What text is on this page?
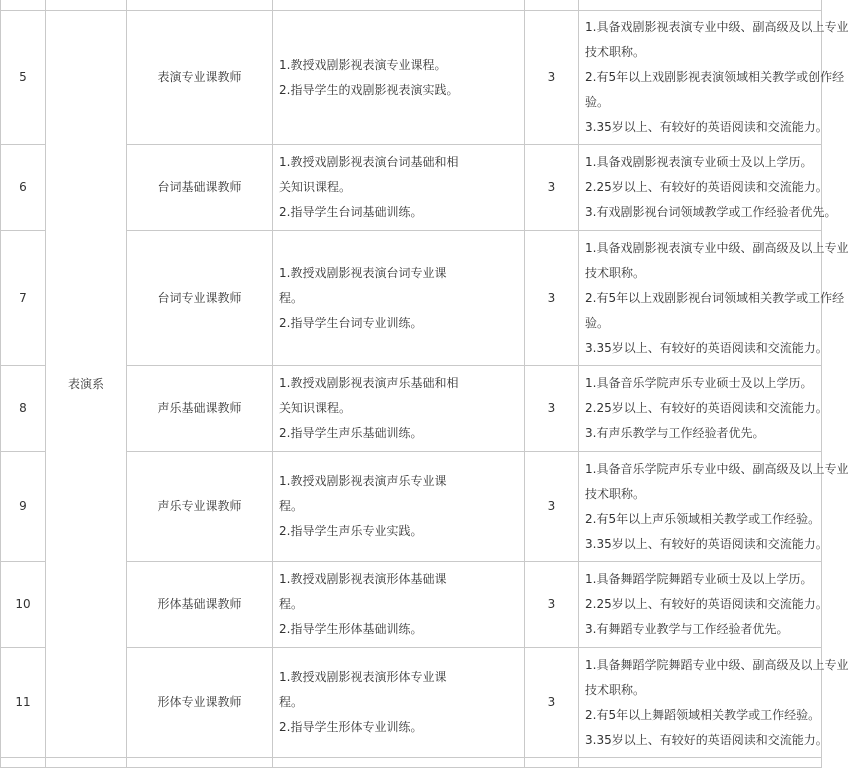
5	表演系	表演专业课教师	1.教授戏剧影视表演专业课程。
2.指导学生的戏剧影视表演实践。	3	1.具备戏剧影视表演专业中级、副高级及以上专业
技术职称。
2.有5年以上戏剧影视表演领域相关教学或创作经
验。
3.35岁以上、有较好的英语阅读和交流能力。

6		台词基础课教师	1.教授戏剧影视表演台词基础和相
关知识课程。
2.指导学生台词基础训练。	3	1.具备戏剧影视表演专业硕士及以上学历。
2.25岁以上、有较好的英语阅读和交流能力。
3.有戏剧影视台词领域教学或工作经验者优先。

7		台词专业课教师	1.教授戏剧影视表演台词专业课
程。
2.指导学生台词专业训练。	3	1.具备戏剧影视表演专业中级、副高级及以上专业
技术职称。
2.有5年以上戏剧影视台词领域相关教学或工作经
验。
3.35岁以上、有较好的英语阅读和交流能力。

8		声乐基础课教师	1.教授戏剧影视表演声乐基础和相
关知识课程。
2.指导学生声乐基础训练。	3	1.具备音乐学院声乐专业硕士及以上学历。
2.25岁以上、有较好的英语阅读和交流能力。
3.有声乐教学与工作经验者优先。

9		声乐专业课教师	1.教授戏剧影视表演声乐专业课
程。
2.指导学生声乐专业实践。	3	1.具备音乐学院声乐专业中级、副高级及以上专业
技术职称。
2.有5年以上声乐领域相关教学或工作经验。
3.35岁以上、有较好的英语阅读和交流能力。

10		形体基础课教师	1.教授戏剧影视表演形体基础课
程。
2.指导学生形体基础训练。	3	1.具备舞蹈学院舞蹈专业硕士及以上学历。
2.25岁以上、有较好的英语阅读和交流能力。
3.有舞蹈专业教学与工作经验者优先。

11		形体专业课教师	1.教授戏剧影视表演形体专业课
程。
2.指导学生形体专业训练。	3	1.具备舞蹈学院舞蹈专业中级、副高级及以上专业
技术职称。
2.有5年以上舞蹈领域相关教学或工作经验。
3.35岁以上、有较好的英语阅读和交流能力。
